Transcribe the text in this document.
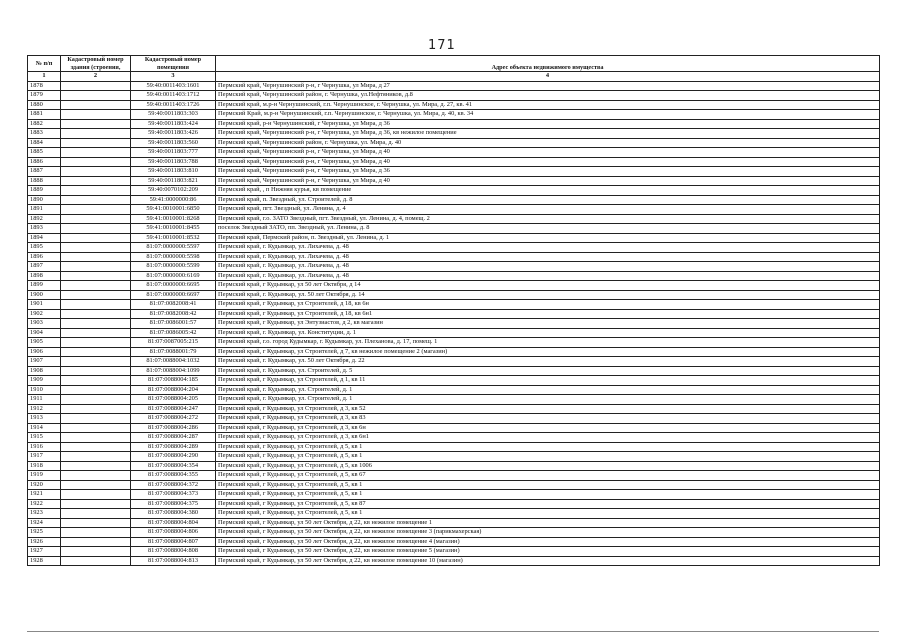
171
№ п/п	Кадастровый номер здания (строения,	Кадастровый номер помещения	Адрес объекта недвижимого имущества
1	2	3	4
1878		59:40:0011403:1601	Пермский край, Чернушинский р-н, г Чернушка, ул Мира, д 27
1879		59:40:0011403:1712	Пермский край, Чернушинский район, г. Чернушка, ул.Нефтяников, д.8
1880		59:40:0011403:1726	Пермский край, м.р-н Чернушинский, г.п. Чернушинское, г. Чернушка, ул. Мира, д. 27, кв. 41
1881		59:40:0011803:303	Пермский Край, м.р-н Чернушинский, г.п. Чернушинское, г. Чернушка, ул. Мира, д. 40, кв. 34
1882		59:40:0011803:424	Пермский край, р-н Чернушинский, г Чернушка, ул Мира, д 36
1883		59:40:0011803:426	Пермский край, Чернушинский р-н, г Чернушка, ул Мира, д 36, кв нежилое помещение
1884		59:40:0011803:560	Пермский край, Чернушинский район, г. Чернушка, ул. Мира, д. 40
1885		59:40:0011803:777	Пермский край, Чернушинский р-н, г Чернушка, ул Мира, д 40
1886		59:40:0011803:788	Пермский край, Чернушинский р-н, г Чернушка, ул Мира, д 40
1887		59:40:0011803:810	Пермский край, Чернушинский р-н, г Чернушка, ул Мира, д 36
1888		59:40:0011803:821	Пермский край, Чернушинский р-н, г Чернушка, ул Мира, д 40
1889		59:40:0070102:209	Пермский край, , п Нижняя курья, кв помещение
1890		59:41:0000000:86	Пермский край, п. Звездный, ул. Строителей, д. 8
1891		59:41:0010001:6850	Пермский край, пгт. Звездный, ул. Ленина, д. 4
1892		59:41:0010001:8268	Пермский край, г.о. ЗАТО Звездный, пгт. Звездный, ул. Ленина, д. 4, помещ. 2
1893		59:41:0010001:8455	поселок Звездный ЗАТО, пп. Звездный, ул. Ленина, д. 8
1894		59:41:0010001:8532	Пермский край, Пермский район, п. Звездный, ул. Ленина, д. 1
1895		81:07:0000000:5597	Пермский край, г. Кудымкар, ул. Лихачева, д. 48
1896		81:07:0000000:5598	Пермский край, г. Кудымкар, ул. Лихачева, д. 48
1897		81:07:0000000:5599	Пермский край, г. Кудымкар, ул. Лихачева, д. 48
1898		81:07:0000000:6169	Пермский край, г. Кудымкар, ул. Лихачева, д. 48
1899		81:07:0000000:6695	Пермский край, г Кудымкар, ул 50 лет Октября, д 14
1900		81:07:0000000:6697	Пермский край, г. Кудымкар, ул. 50 лет Октября, д. 14
1901		81:07:0082008:41	Пермский край, г Кудымкар, ул Строителей, д 18, кв 6н
1902		81:07:0082008:42	Пермский край, г Кудымкар, ул Строителей, д 18, кв 6н1
1903		81:07:0086001:57	Пермский край, г Кудымкар, ул Энтузиастов, д 2, кв магазин
1904		81:07:0086005:42	Пермский край, г. Кудымкар, ул. Конституции, д. 1
1905		81:07:0087005:215	Пермский край, г.о. город Кудымкар, г. Кудымкар, ул. Плеханова, д. 17, помещ. 1
1906		81:07:0088001:79	Пермский край, г Кудымкар, ул Строителей, д 7, кв нежилое помещение 2 (магазин)
1907		81:07:0088004:1032	Пермский край, г. Кудымкар, ул. 50 лет Октября, д. 22
1908		81:07:0088004:1099	Пермский край, г. Кудымкар, ул. Строителей, д. 5
1909		81:07:0088004:185	Пермский край, г Кудымкар, ул Строителей, д 1, кв 11
1910		81:07:0088004:204	Пермский край, г. Кудымкар, ул. Строителей, д. 1
1911		81:07:0088004:205	Пермский край, г. Кудымкар, ул. Строителей, д. 1
1912		81:07:0088004:247	Пермский край, г Кудымкар, ул Строителей, д 3, кв 52
1913		81:07:0088004:272	Пермский край, г Кудымкар, ул Строителей, д 3, кв 83
1914		81:07:0088004:286	Пермский край, г Кудымкар, ул Строителей, д 3, кв 6н
1915		81:07:0088004:287	Пермский край, г Кудымкар, ул Строителей, д 3, кв 6н1
1916		81:07:0088004:289	Пермский край, г Кудымкар, ул Строителей, д 5, кв 1
1917		81:07:0088004:290	Пермский край, г Кудымкар, ул Строителей, д 5, кв 1
1918		81:07:0088004:354	Пермский край, г Кудымкар, ул Строителей, д 5, кв 1006
1919		81:07:0088004:355	Пермский край, г Кудымкар, ул Строителей, д 5, кв 67
1920		81:07:0088004:372	Пермский край, г Кудымкар, ул Строителей, д 5, кв 1
1921		81:07:0088004:373	Пермский край, г Кудымкар, ул Строителей, д 5, кв 1
1922		81:07:0088004:375	Пермский край, г Кудымкар, ул Строителей, д 5, кв 87
1923		81:07:0088004:380	Пермский край, г Кудымкар, ул Строителей, д 5, кв 1
1924		81:07:0088004:804	Пермский край, г Кудымкар, ул 50 лет Октября, д 22, кв нежилое помещение 1
1925		81:07:0088004:806	Пермский край, г Кудымкар, ул 50 лет Октября, д 22, кв нежилое помещение 3 (парикмахерская)
1926		81:07:0088004:807	Пермский край, г Кудымкар, ул 50 лет Октября, д 22, кв нежилое помещение 4 (магазин)
1927		81:07:0088004:808	Пермский край, г Кудымкар, ул 50 лет Октября, д 22, кв нежилое помещение 5 (магазин)
1928		81:07:0088004:813	Пермский край, г Кудымкар, ул 50 лет Октября, д 22, кв нежилое помещение 10 (магазин)
